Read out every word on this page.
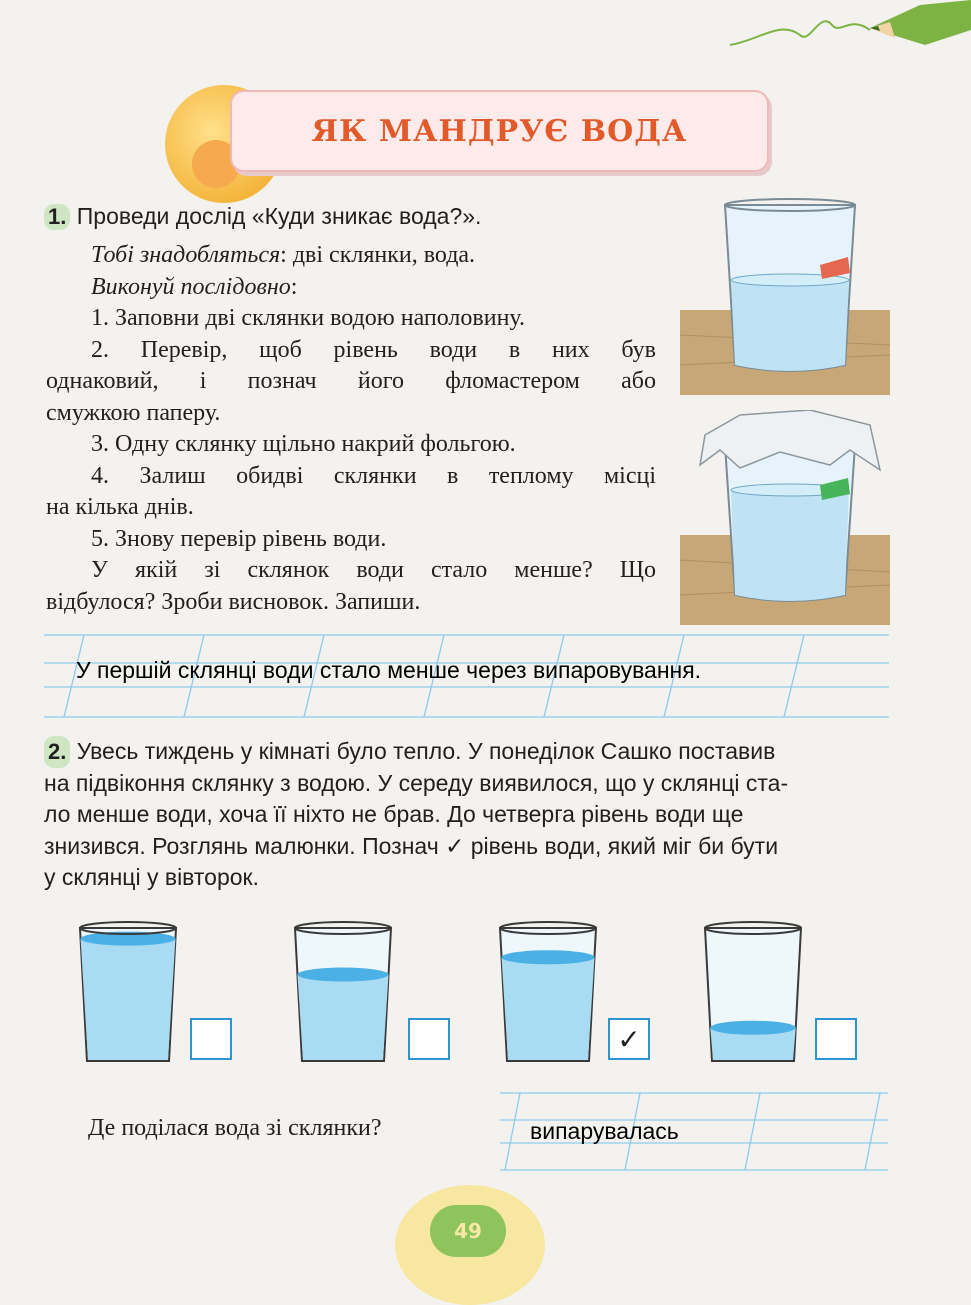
ЯК МАНДРУЄ ВОДА
1. Проведи дослід «Куди зникає вода?».

Тобі знадобляться: дві склянки, вода.

Виконуй послідовно:

1. Заповни дві склянки водою наполовину.

2. Перевір, щоб рівень води в них був

однаковий, і познач його фломастером або

смужкою паперу.

3. Одну склянку щільно накрий фольгою.

4. Залиш обидві склянки в теплому місці

на кілька днів.

5. Знову перевір рівень води.

У якій зі склянок води стало менше? Що

відбулося? Зроби висновок. Запиши.

У першій склянці води стало менше через випаровування.
2. Увесь тиждень у кімнаті було тепло. У понеділок Сашко поставив
на підвіконня склянку з водою. У середу виявилося, що у склянці ста-
ло менше води, хоча її ніхто не брав. До четверга рівень води ще
знизився. Розглянь малюнки. Познач ✓ рівень води, який міг би бути
у склянці у вівторок.
✓
Де поділася вода зі склянки?	випарувалась
49
